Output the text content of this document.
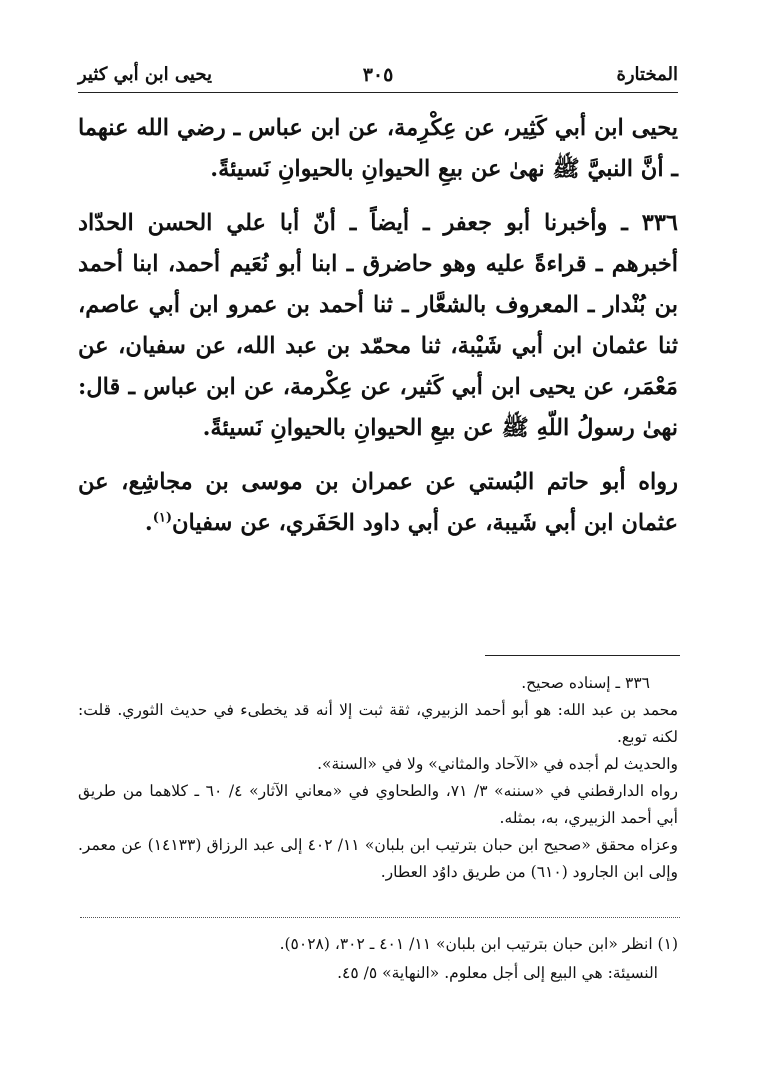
المختارة
٣٠٥
يحيى ابن أبي كثير

يحيى ابن أبي كَثِير، عن عِكْرِمة، عن ابن عباس ـ رضي الله عنهما ـ أنَّ النبيَّ ﷺ نهىٰ عن بيعِ الحيوانِ بالحيوانِ نَسيئةً.

٣٣٦ ـ وأخبرنا أبو جعفر ـ أيضاً ـ أنّ أبا علي الحسن الحدّاد أخبرهم ـ قراءةً عليه وهو حاضرق ـ ابنا أبو نُعَيم أحمد، ابنا أحمد بن بُنْدار ـ المعروف بالشعَّار ـ ثنا أحمد بن عمرو ابن أبي عاصم، ثنا عثمان ابن أبي شَيْبة، ثنا محمّد بن عبد الله، عن سفيان، عن مَعْمَر، عن يحيى ابن أبي كَثير، عن عِكْرمة، عن ابن عباس ـ قال: نهىٰ رسولُ اللّهِ ﷺ عن بيعِ الحيوانِ بالحيوانِ نَسيئةً.

رواه أبو حاتم البُستي عن عمران بن موسى بن مجاشِع، عن عثمان ابن أبي شَيبة، عن أبي داود الحَفَري، عن سفيان$^{(١)}$.

٣٣٦ ـ إسناده صحيح.

محمد بن عبد الله: هو أبو أحمد الزبيري، ثقة ثبت إلا أنه قد يخطىء في حديث الثوري. قلت: لكنه توبع.

والحديث لم أجده في «الآحاد والمثاني» ولا في «السنة».

رواه الدارقطني في «سننه» ٣/ ٧١، والطحاوي في «معاني الآثار» ٤/ ٦٠ ـ كلاهما من طريق أبي أحمد الزبيري، به، بمثله.

وعزاه محقق «صحيح ابن حبان بترتيب ابن بلبان» ١١/ ٤٠٢ إلى عبد الرزاق (١٤١٣٣) عن معمر. وإلى ابن الجارود (٦١٠) من طريق داوُد العطار.

(١) انظر «ابن حبان بترتيب ابن بلبان» ١١/ ٤٠١ ـ ٣٠٢، (٥٠٢٨).

النسيئة: هي البيع إلى أجل معلوم. «النهاية» ٥/ ٤٥.
